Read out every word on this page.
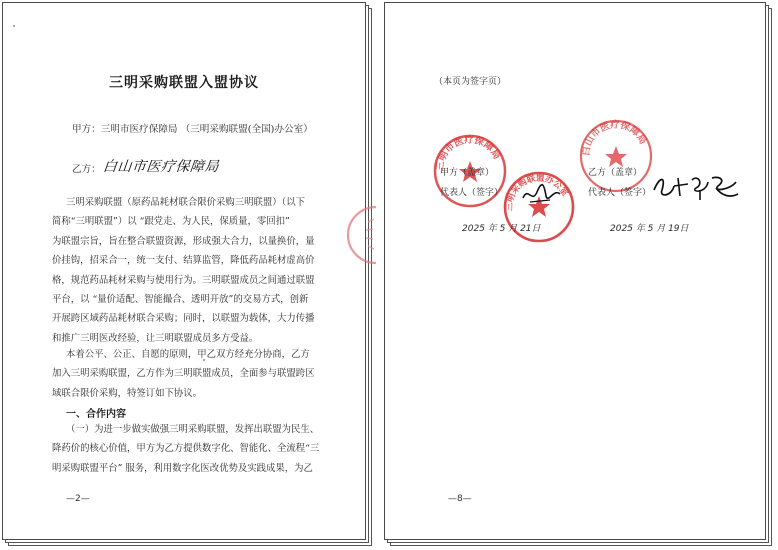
三明采购联盟入盟协议
甲方：三明市医疗保障局 （三明采购联盟(全国)办公室）
乙方： 白山市医疗保障局
三明采购联盟（原药品耗材联合限价采购三明联盟）（以下
简称“三明联盟”）以 “跟党走、为人民，保质量，零回扣”
为联盟宗旨，旨在整合联盟资源，形成强大合力，以量换价，量
价挂钩，招采合一，统一支付、结算监管，降低药品耗材虚高价
格，规范药品耗材采购与使用行为。三明联盟成员之间通过联盟
平台，以 “量价适配、智能撮合、透明开放”的交易方式，创新
开展跨区域药品耗材联合采购；同时，以联盟为载体，大力传播
和推广三明医改经验，让三明联盟成员多方受益。
本着公平、公正、自愿的原则，甲乙双方经充分协商，乙方
加入三明采购联盟，乙方作为三明联盟成员，全面参与联盟跨区
域联合限价采购，特签订如下协议。
一、合作内容
（一）为进一步做实做强三明采购联盟，发挥出联盟为民生、
降药价的核心价值，甲方为乙方提供数字化、智能化、全流程“三
明采购联盟平台” 服务，利用数字化医改优势及实践成果，为乙
—2—
（本页为签字页）
三明市医疗保障局
三明采购联盟办公室
白山市医疗保障局
甲方（盖章）
代表人（签字）
乙方（盖章）
代表人（签字）
2025 年 5 月 21日	2025 年 5 月 19日
—8—
